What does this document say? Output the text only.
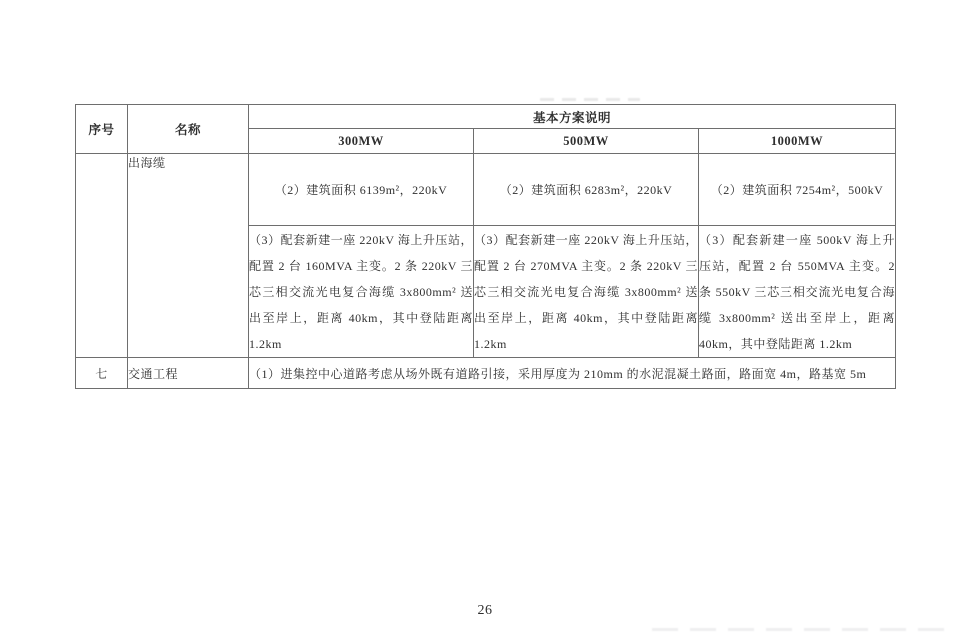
序号	名称	基本方案说明		
		300MW	500MW	1000MW
	出海缆	（2）建筑面积 6139m²，220kV	（2）建筑面积 6283m²，220kV	（2）建筑面积 7254m²，500kV
		（3）配套新建一座 220kV 海上升压站，配置 2 台 160MVA 主变。2 条 220kV 三芯三相交流光电复合海缆 3x800mm² 送出至岸上，距离 40km，其中登陆距离 1.2km	（3）配套新建一座 220kV 海上升压站，配置 2 台 270MVA 主变。2 条 220kV 三芯三相交流光电复合海缆 3x800mm² 送出至岸上，距离 40km，其中登陆距离 1.2km	（3）配套新建一座 500kV 海上升压站，配置 2 台 550MVA 主变。2 条 550kV 三芯三相交流光电复合海缆 3x800mm² 送出至岸上，距离 40km，其中登陆距离 1.2km
七	交通工程	（1）进集控中心道路考虑从场外既有道路引接，采用厚度为 210mm 的水泥混凝土路面，路面宽 4m，路基宽 5m		
26
